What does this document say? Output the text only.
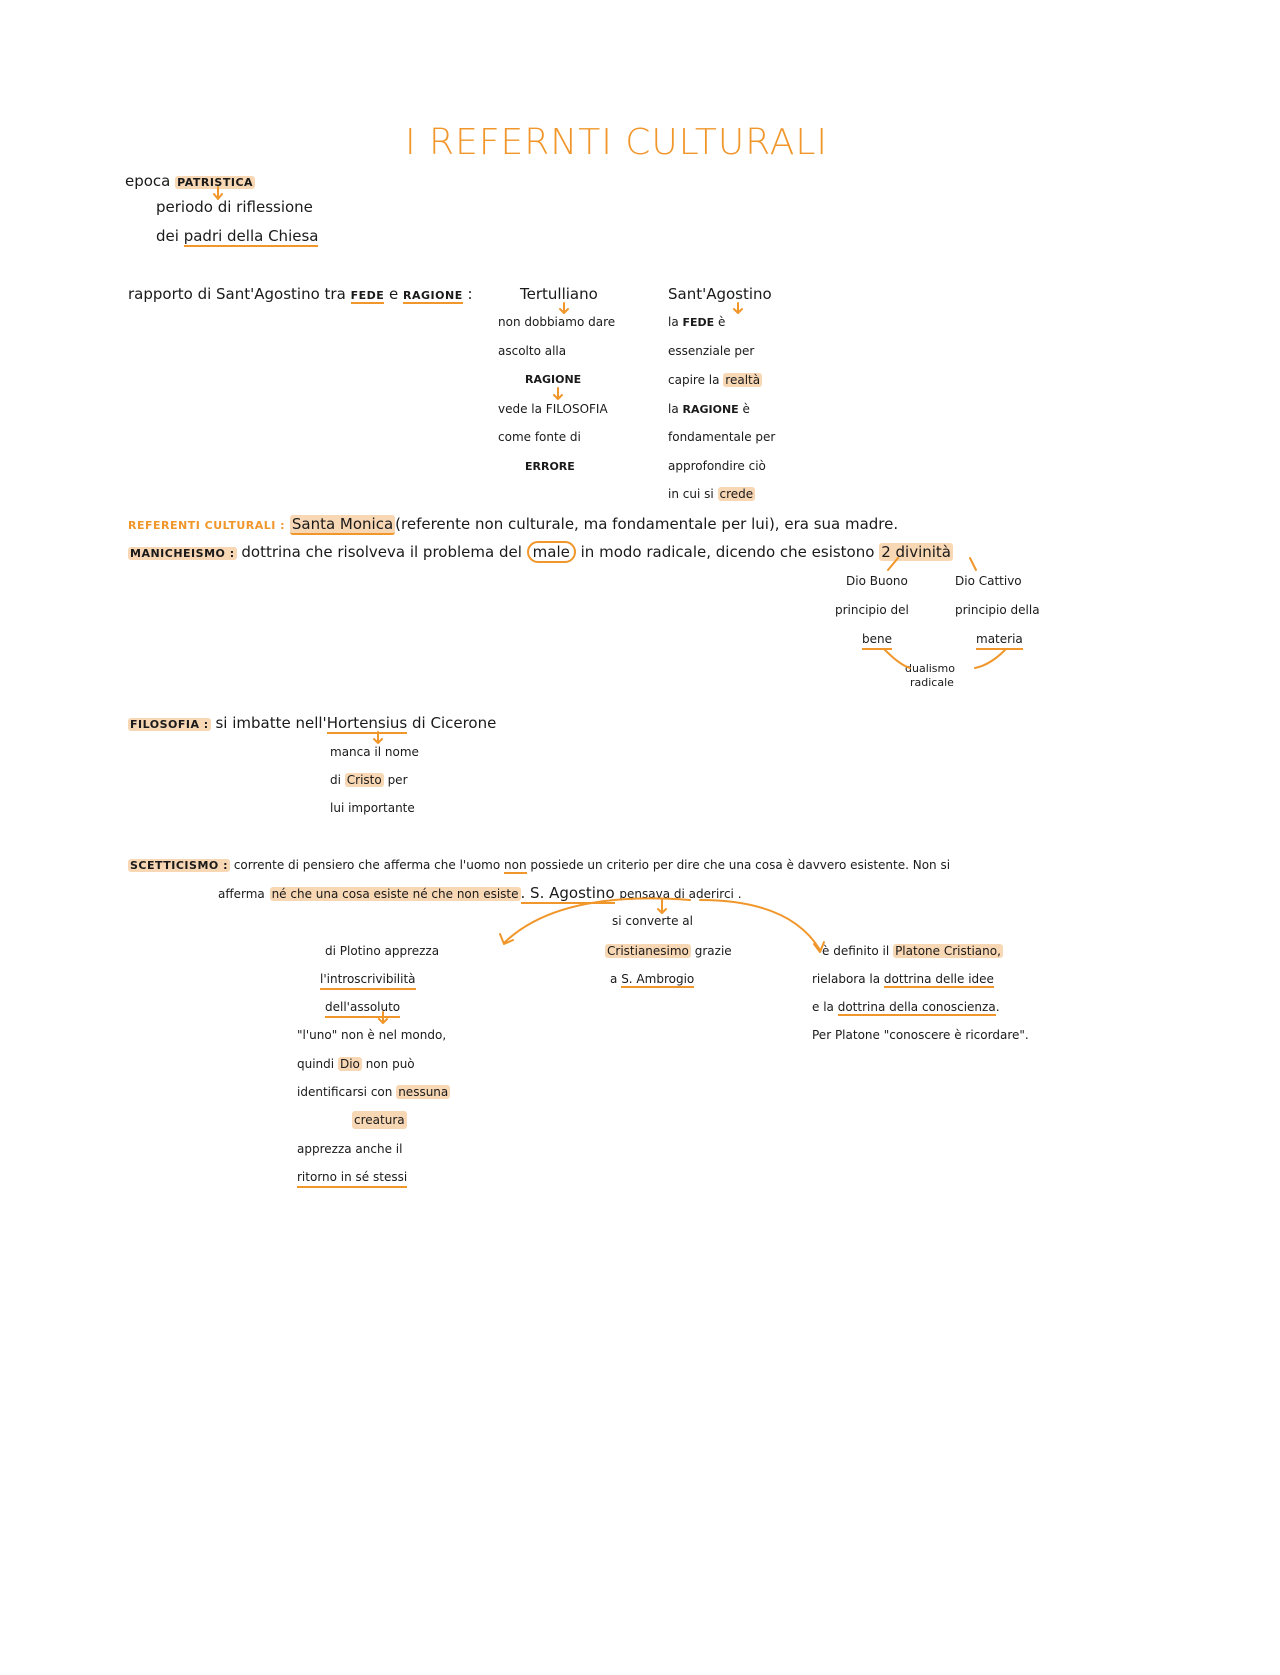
I REFERNTI CULTURALI
epoca PATRISTICA
periodo di riflessione
dei padri della Chiesa
rapporto di Sant'Agostino tra FEDE e RAGIONE :	Tertulliano
non dobbiamo dare
ascolto alla
RAGIONE
vede la FILOSOFIA
come fonte di
ERRORE
Sant'Agostino
la FEDE è
essenziale per
capire la realtà
la RAGIONE è
fondamentale per
approfondire ciò
in cui si crede
REFERENTI CULTURALI : Santa Monica (referente non culturale, ma fondamentale per lui), era sua madre.
MANICHEISMO : dottrina che risolveva il problema del male in modo radicale, dicendo che esistono 2 divinità
Dio Buono
principio del
bene
Dio Cattivo
principio della
materia
dualismo
radicale
FILOSOFIA : si imbatte nell'Hortensius di Cicerone
manca il nome
di Cristo per
lui importante
SCETTICISMO : corrente di pensiero che afferma che l'uomo non possiede un criterio per dire che una cosa è davvero esistente. Non si
afferma né che una cosa esiste né che non esiste . S. Agostino pensava di aderirci .
di Plotino apprezza
l'introscrivibilità
dell'assoluto
"l'uno" non è nel mondo,
quindi Dio non può
identificarsi con nessuna
creatura
apprezza anche il
ritorno in sé stessi
si converte al
Cristianesimo grazie
a S. Ambrogio
è definito il Platone Cristiano,
rielabora la dottrina delle idee
e la dottrina della conoscienza.
Per Platone "conoscere è ricordare".
